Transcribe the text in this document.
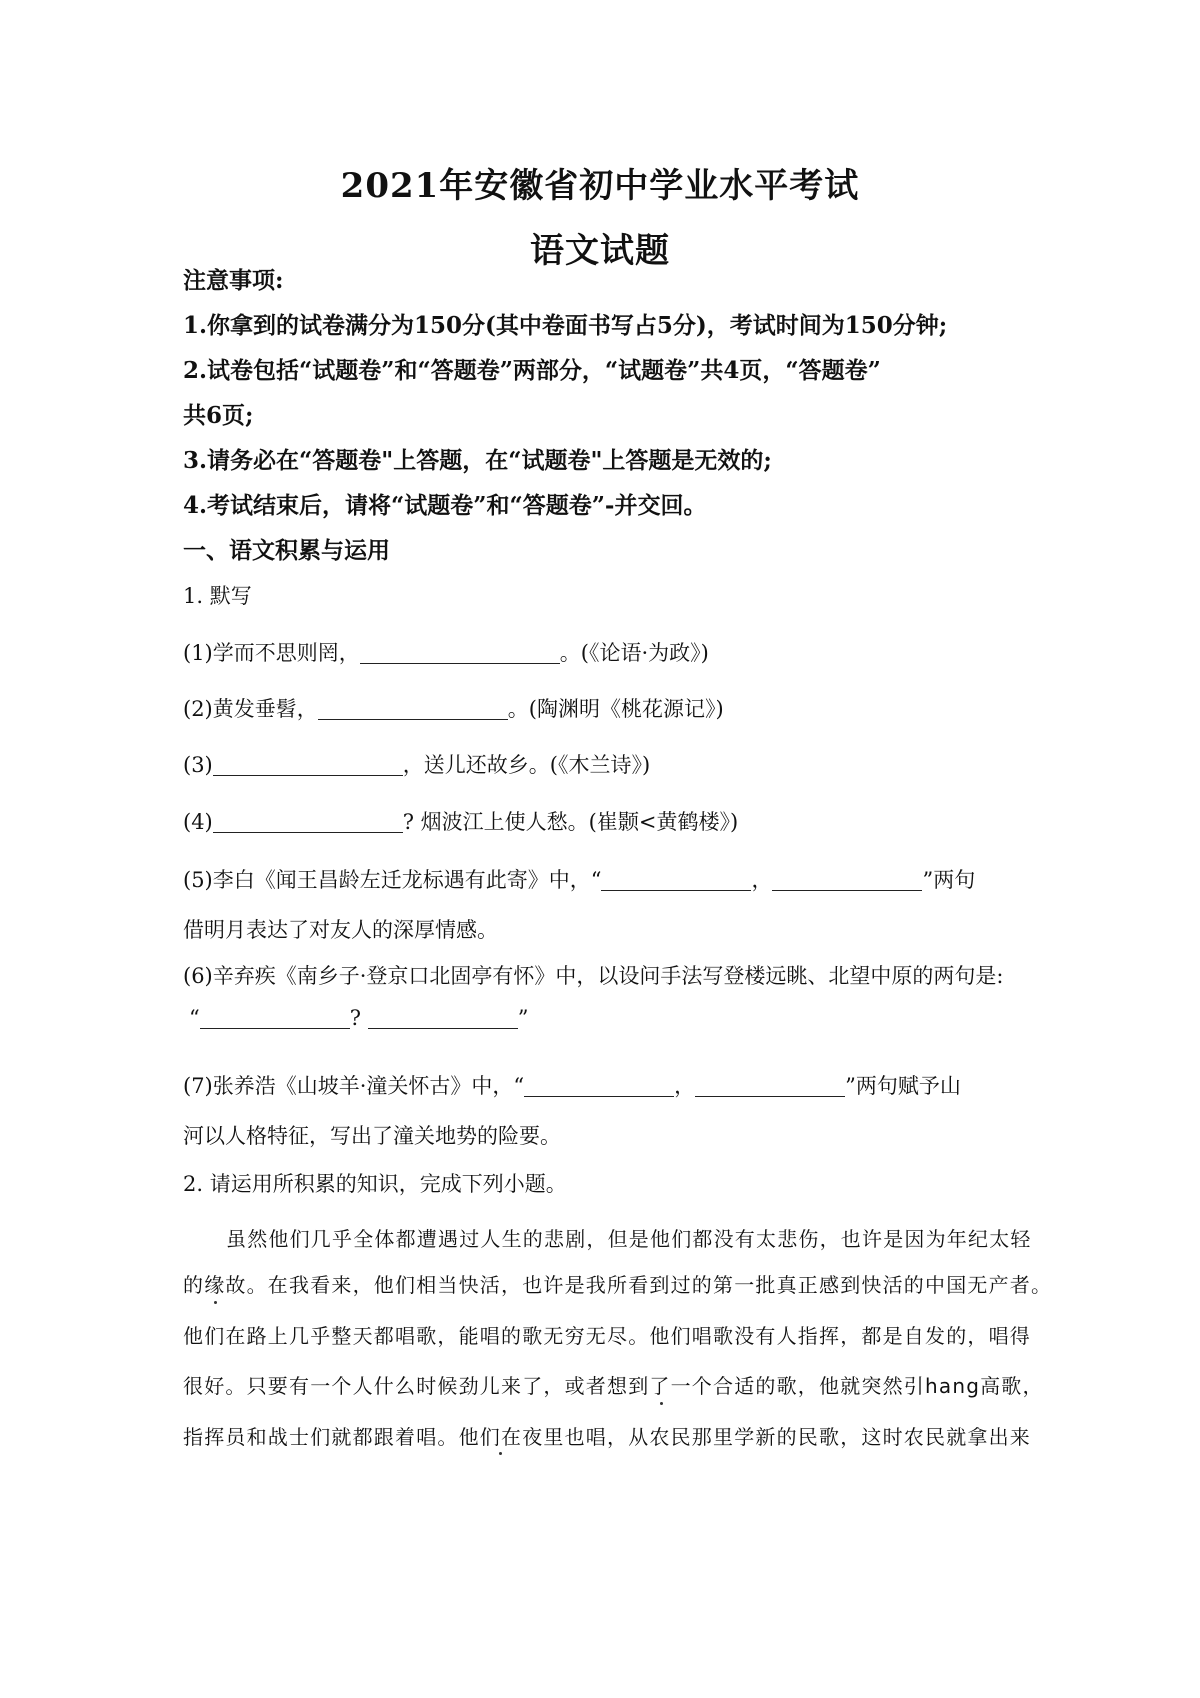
2021年安徽省初中学业水平考试
语文试题
注意事项:
1.你拿到的试卷满分为150分(其中卷面书写占5分)，考试时间为150分钟;
2.试卷包括“试题卷”和“答题卷”两部分，“试题卷”共4页，“答题卷”
共6页;
3.请务必在“答题卷"上答题，在“试题卷"上答题是无效的;
4.考试结束后，请将“试题卷”和“答题卷”-并交回。
一、语文积累与运用
1. 默写
(1)学而不思则罔，	。(《论语·为政》)
(2)黄发垂髫，	。(陶渊明《桃花源记》)
(3)	，送儿还故乡。(《木兰诗》)
(4)	? 烟波江上使人愁。(崔颢<黄鹤楼》)
(5)李白《闻王昌龄左迁龙标遇有此寄》中，“	，	”两句
借明月表达了对友人的深厚情感。
(6)辛弃疾《南乡子·登京口北固亭有怀》中，以设问手法写登楼远眺、北望中原的两句是:
“	?	”
(7)张养浩《山坡羊·潼关怀古》中，“	，	”两句赋予山
河以人格特征，写出了潼关地势的险要。
2. 请运用所积累的知识，完成下列小题。
虽然他们几乎全体都遭遇过人生的悲剧，但是他们都没有太悲伤，也许是因为年纪太轻
的缘故。在我看来，他们相当快活，也许是我所看到过的第一批真正感到快活的中国无产者。
他们在路上几乎整天都唱歌，能唱的歌无穷无尽。他们唱歌没有人指挥，都是自发的，唱得
很好。只要有一个人什么时候劲儿来了，或者想到了一个合适的歌，他就突然引hang高歌，
指挥员和战士们就都跟着唱。他们在夜里也唱，从农民那里学新的民歌，这时农民就拿出来
